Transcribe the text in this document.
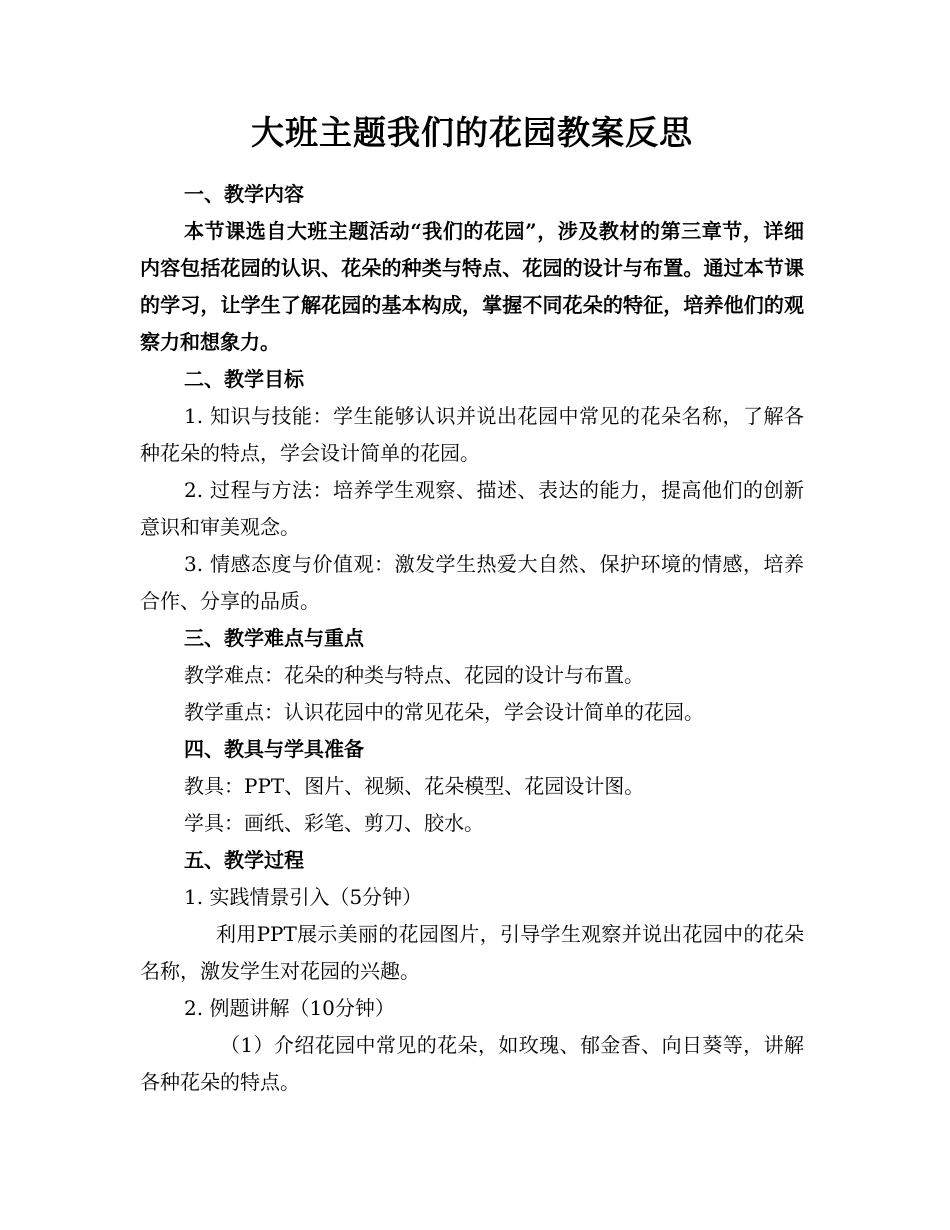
大班主题我们的花园教案反思

一、教学内容

本节课选自大班主题活动“我们的花园”，涉及教材的第三章节，详细内容包括花园的认识、花朵的种类与特点、花园的设计与布置。通过本节课的学习，让学生了解花园的基本构成，掌握不同花朵的特征，培养他们的观察力和想象力。

二、教学目标

1. 知识与技能：学生能够认识并说出花园中常见的花朵名称，了解各种花朵的特点，学会设计简单的花园。

2. 过程与方法：培养学生观察、描述、表达的能力，提高他们的创新意识和审美观念。

3. 情感态度与价值观：激发学生热爱大自然、保护环境的情感，培养合作、分享的品质。

三、教学难点与重点

教学难点：花朵的种类与特点、花园的设计与布置。

教学重点：认识花园中的常见花朵，学会设计简单的花园。

四、教具与学具准备

教具：PPT、图片、视频、花朵模型、花园设计图。

学具：画纸、彩笔、剪刀、胶水。

五、教学过程

1. 实践情景引入（5分钟）

利用PPT展示美丽的花园图片，引导学生观察并说出花园中的花朵名称，激发学生对花园的兴趣。

2. 例题讲解（10分钟）

（1）介绍花园中常见的花朵，如玫瑰、郁金香、向日葵等，讲解各种花朵的特点。
